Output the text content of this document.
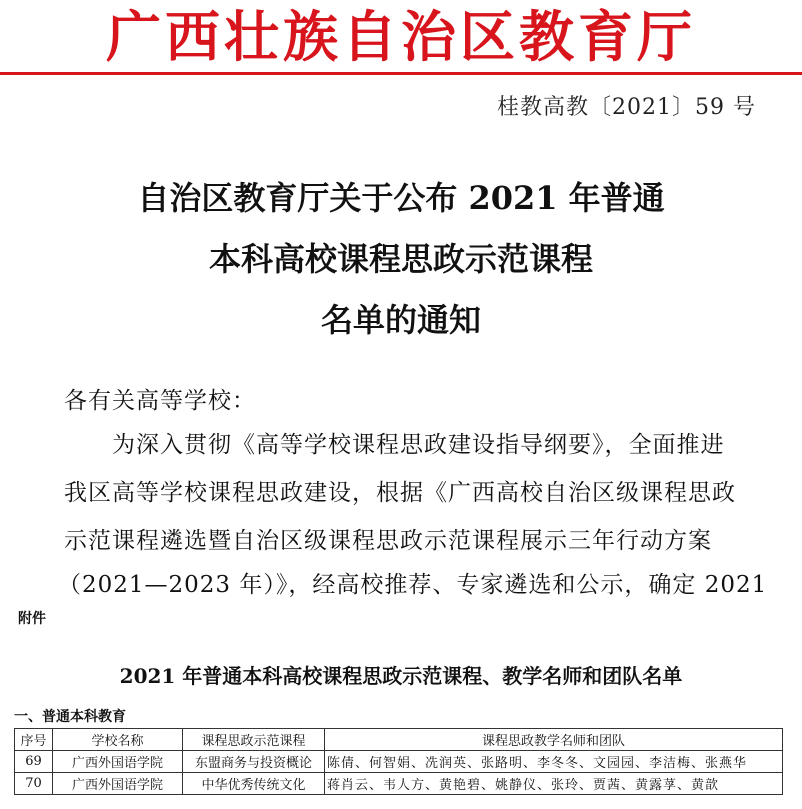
广西壮族自治区教育厅
桂教高教〔2021〕59 号
自治区教育厅关于公布 2021 年普通
本科高校课程思政示范课程
名单的通知
各有关高等学校：
为深入贯彻《高等学校课程思政建设指导纲要》，全面推进
我区高等学校课程思政建设，根据《广西高校自治区级课程思政
示范课程遴选暨自治区级课程思政示范课程展示三年行动方案
（2021—2023 年）》，经高校推荐、专家遴选和公示，确定 2021
附件
2021 年普通本科高校课程思政示范课程、教学名师和团队名单
一、普通本科教育
序号	学校名称	课程思政示范课程	课程思政教学名师和团队
69	广西外国语学院	东盟商务与投资概论	陈倩、何智娟、冼润英、张路明、李冬冬、文园园、李洁梅、张燕华
70	广西外国语学院	中华优秀传统文化	蒋肖云、韦人方、黄艳碧、姚静仪、张玲、贾茜、黄露莩、黄歆
